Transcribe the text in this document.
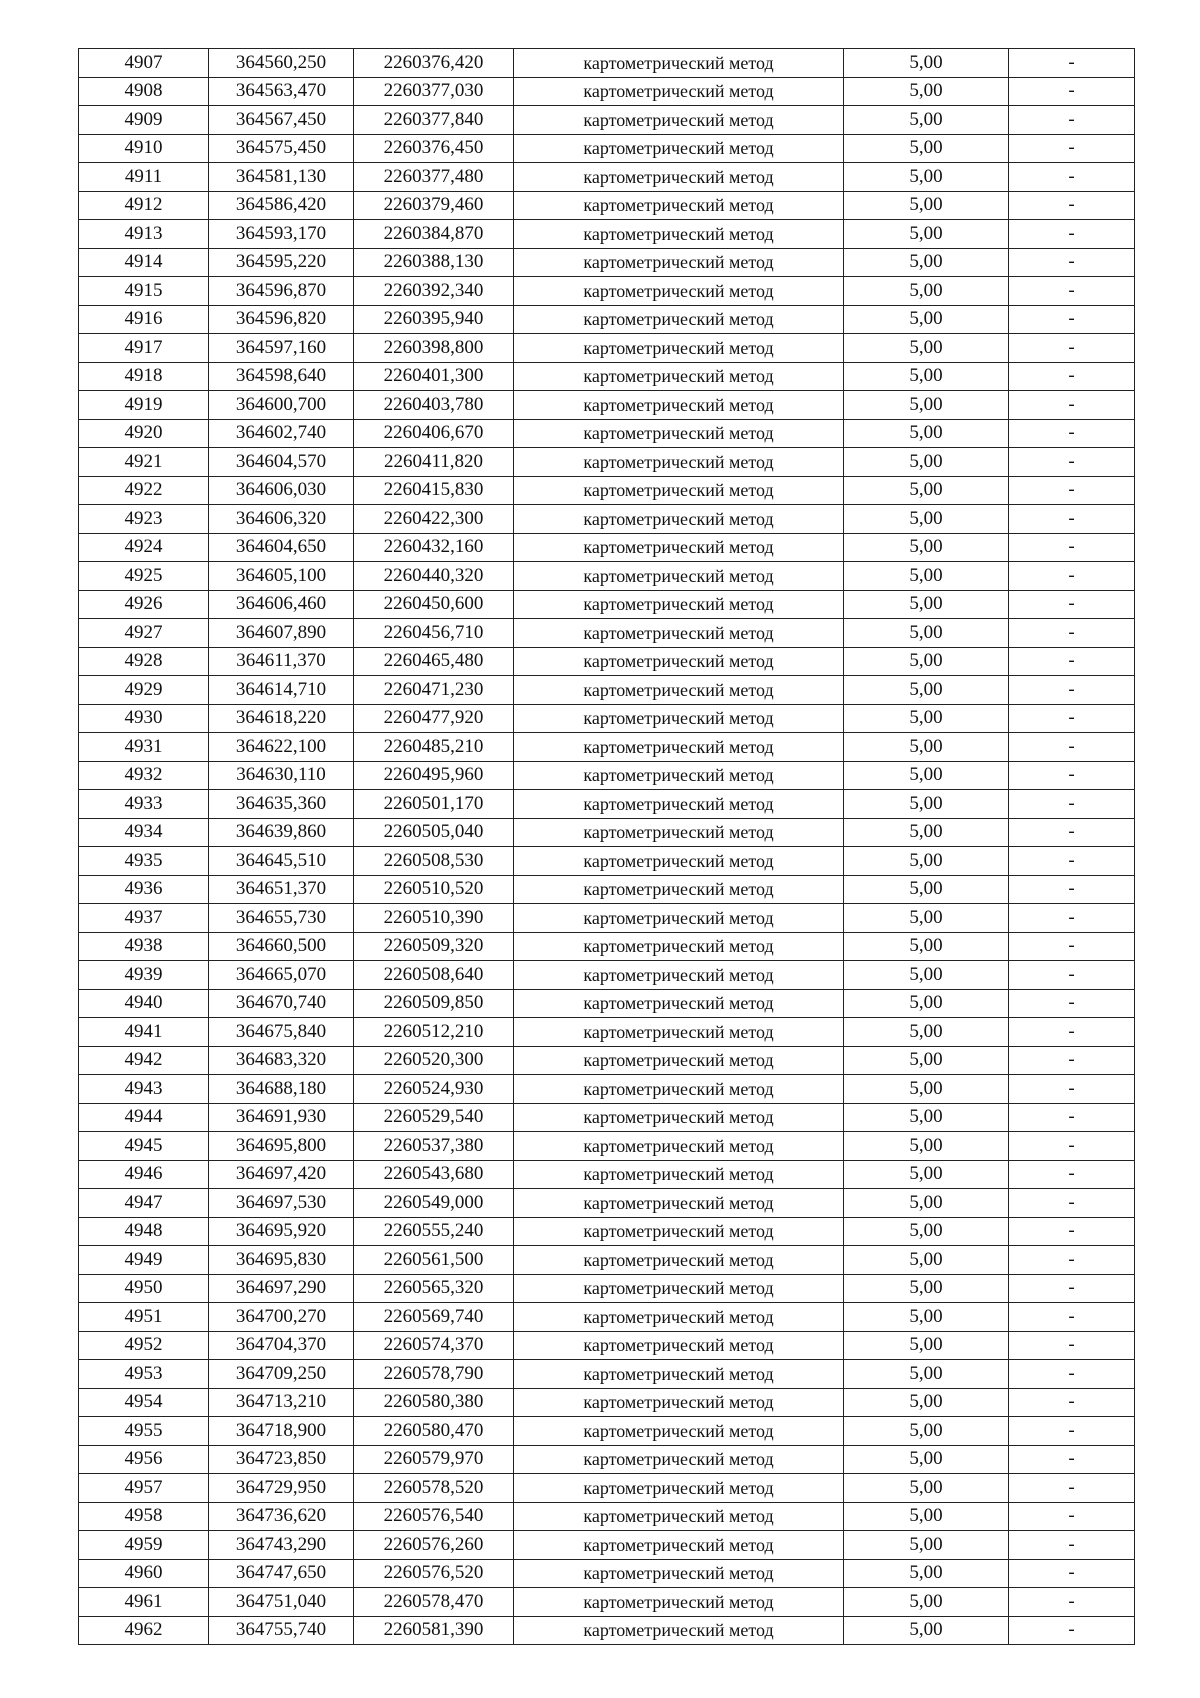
4907	364560,250	2260376,420	картометрический метод	5,00	-
4908	364563,470	2260377,030	картометрический метод	5,00	-
4909	364567,450	2260377,840	картометрический метод	5,00	-
4910	364575,450	2260376,450	картометрический метод	5,00	-
4911	364581,130	2260377,480	картометрический метод	5,00	-
4912	364586,420	2260379,460	картометрический метод	5,00	-
4913	364593,170	2260384,870	картометрический метод	5,00	-
4914	364595,220	2260388,130	картометрический метод	5,00	-
4915	364596,870	2260392,340	картометрический метод	5,00	-
4916	364596,820	2260395,940	картометрический метод	5,00	-
4917	364597,160	2260398,800	картометрический метод	5,00	-
4918	364598,640	2260401,300	картометрический метод	5,00	-
4919	364600,700	2260403,780	картометрический метод	5,00	-
4920	364602,740	2260406,670	картометрический метод	5,00	-
4921	364604,570	2260411,820	картометрический метод	5,00	-
4922	364606,030	2260415,830	картометрический метод	5,00	-
4923	364606,320	2260422,300	картометрический метод	5,00	-
4924	364604,650	2260432,160	картометрический метод	5,00	-
4925	364605,100	2260440,320	картометрический метод	5,00	-
4926	364606,460	2260450,600	картометрический метод	5,00	-
4927	364607,890	2260456,710	картометрический метод	5,00	-
4928	364611,370	2260465,480	картометрический метод	5,00	-
4929	364614,710	2260471,230	картометрический метод	5,00	-
4930	364618,220	2260477,920	картометрический метод	5,00	-
4931	364622,100	2260485,210	картометрический метод	5,00	-
4932	364630,110	2260495,960	картометрический метод	5,00	-
4933	364635,360	2260501,170	картометрический метод	5,00	-
4934	364639,860	2260505,040	картометрический метод	5,00	-
4935	364645,510	2260508,530	картометрический метод	5,00	-
4936	364651,370	2260510,520	картометрический метод	5,00	-
4937	364655,730	2260510,390	картометрический метод	5,00	-
4938	364660,500	2260509,320	картометрический метод	5,00	-
4939	364665,070	2260508,640	картометрический метод	5,00	-
4940	364670,740	2260509,850	картометрический метод	5,00	-
4941	364675,840	2260512,210	картометрический метод	5,00	-
4942	364683,320	2260520,300	картометрический метод	5,00	-
4943	364688,180	2260524,930	картометрический метод	5,00	-
4944	364691,930	2260529,540	картометрический метод	5,00	-
4945	364695,800	2260537,380	картометрический метод	5,00	-
4946	364697,420	2260543,680	картометрический метод	5,00	-
4947	364697,530	2260549,000	картометрический метод	5,00	-
4948	364695,920	2260555,240	картометрический метод	5,00	-
4949	364695,830	2260561,500	картометрический метод	5,00	-
4950	364697,290	2260565,320	картометрический метод	5,00	-
4951	364700,270	2260569,740	картометрический метод	5,00	-
4952	364704,370	2260574,370	картометрический метод	5,00	-
4953	364709,250	2260578,790	картометрический метод	5,00	-
4954	364713,210	2260580,380	картометрический метод	5,00	-
4955	364718,900	2260580,470	картометрический метод	5,00	-
4956	364723,850	2260579,970	картометрический метод	5,00	-
4957	364729,950	2260578,520	картометрический метод	5,00	-
4958	364736,620	2260576,540	картометрический метод	5,00	-
4959	364743,290	2260576,260	картометрический метод	5,00	-
4960	364747,650	2260576,520	картометрический метод	5,00	-
4961	364751,040	2260578,470	картометрический метод	5,00	-
4962	364755,740	2260581,390	картометрический метод	5,00	-
